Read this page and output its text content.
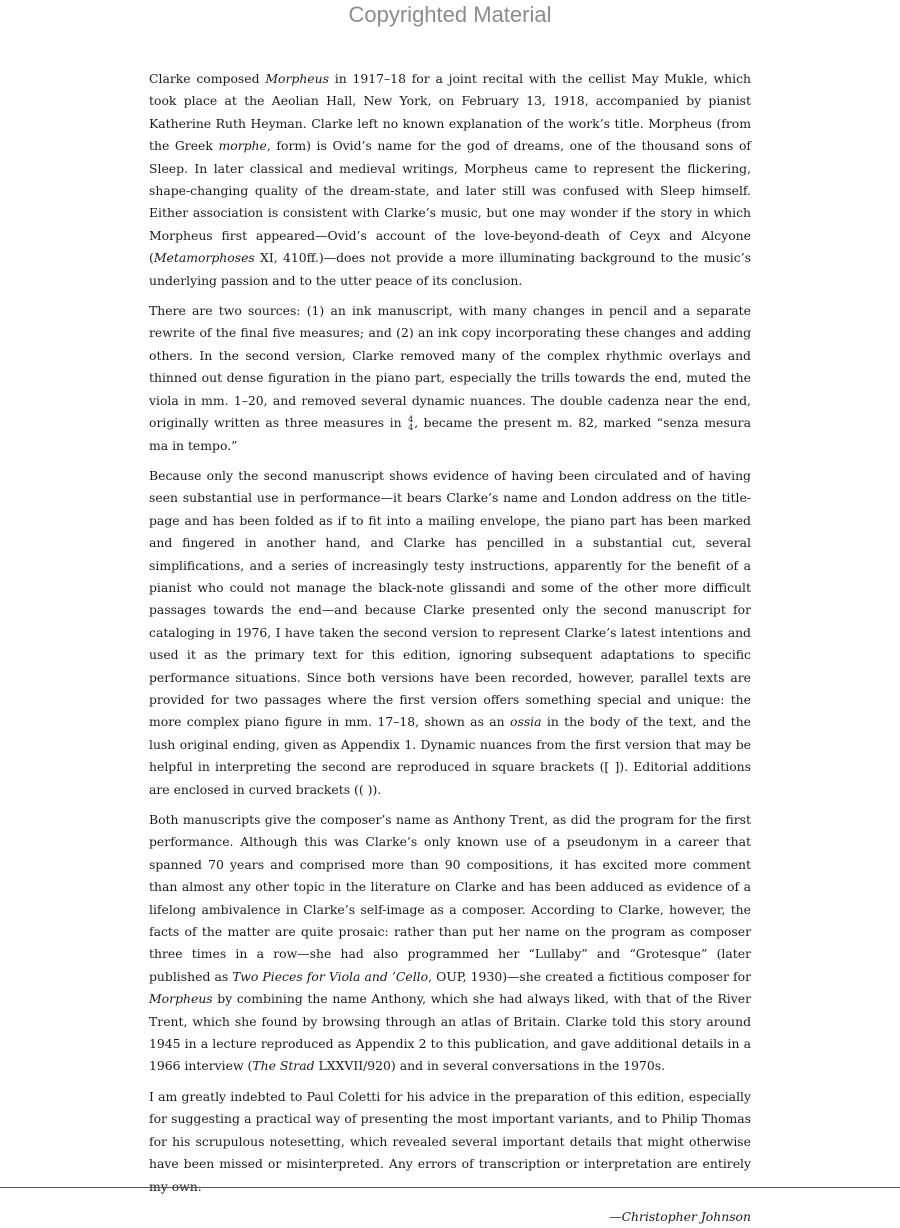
Copyrighted Material

Clarke composed Morpheus in 1917–18 for a joint recital with the cellist May Mukle, which took place at the Aeolian Hall, New York, on February 13, 1918, accompanied by pianist Katherine Ruth Heyman. Clarke left no known explanation of the work’s title. Morpheus (from the Greek morphe, form) is Ovid’s name for the god of dreams, one of the thousand sons of Sleep. In later classical and medieval writings, Morpheus came to represent the flickering, shape-changing quality of the dream-state, and later still was confused with Sleep himself. Either association is consistent with Clarke’s music, but one may wonder if the story in which Morpheus first appeared—Ovid’s account of the love-beyond-death of Ceyx and Alcyone (Metamorphoses XI, 410ff.)—does not provide a more illuminating background to the music’s underlying passion and to the utter peace of its conclusion.

There are two sources: (1) an ink manuscript, with many changes in pencil and a separate rewrite of the final five measures; and (2) an ink copy incorporating these changes and adding others. In the second version, Clarke removed many of the complex rhythmic overlays and thinned out dense figuration in the piano part, especially the trills towards the end, muted the viola in mm. 1–20, and removed several dynamic nuances. The double cadenza near the end, originally written as three measures in 4
4 , became the present m. 82, marked “senza mesura ma in tempo.”

Because only the second manuscript shows evidence of having been circulated and of having seen substantial use in performance—it bears Clarke’s name and London address on the title-page and has been folded as if to fit into a mailing envelope, the piano part has been marked and fingered in another hand, and Clarke has pencilled in a substantial cut, several simplifications, and a series of increasingly testy instructions, apparently for the benefit of a pianist who could not manage the black-note glissandi and some of the other more difficult passages towards the end—and because Clarke presented only the second manuscript for cataloging in 1976, I have taken the second version to represent Clarke’s latest intentions and used it as the primary text for this edition, ignoring subsequent adaptations to specific performance situations. Since both versions have been recorded, however, parallel texts are provided for two passages where the first version offers something special and unique: the more complex piano figure in mm. 17–18, shown as an ossia in the body of the text, and the lush original ending, given as Appendix 1. Dynamic nuances from the first version that may be helpful in interpreting the second are reproduced in square brackets ([ ]). Editorial additions are enclosed in curved brackets (( )).

Both manuscripts give the composer’s name as Anthony Trent, as did the program for the first performance. Although this was Clarke’s only known use of a pseudonym in a career that spanned 70 years and comprised more than 90 compositions, it has excited more comment than almost any other topic in the literature on Clarke and has been adduced as evidence of a lifelong ambivalence in Clarke’s self-image as a composer. According to Clarke, however, the facts of the matter are quite prosaic: rather than put her name on the program as composer three times in a row—she had also programmed her “Lullaby” and “Grotesque” (later published as Two Pieces for Viola and ’Cello, OUP, 1930)—she created a fictitious composer for Morpheus by combining the name Anthony, which she had always liked, with that of the River Trent, which she found by browsing through an atlas of Britain. Clarke told this story around 1945 in a lecture reproduced as Appendix 2 to this publication, and gave additional details in a 1966 interview (The Strad LXXVII/920) and in several conversations in the 1970s.

I am greatly indebted to Paul Coletti for his advice in the preparation of this edition, especially for suggesting a practical way of presenting the most important variants, and to Philip Thomas for his scrupulous notesetting, which revealed several important details that might otherwise have been missed or misinterpreted. Any errors of transcription or interpretation are entirely my own.

—Christopher Johnson
